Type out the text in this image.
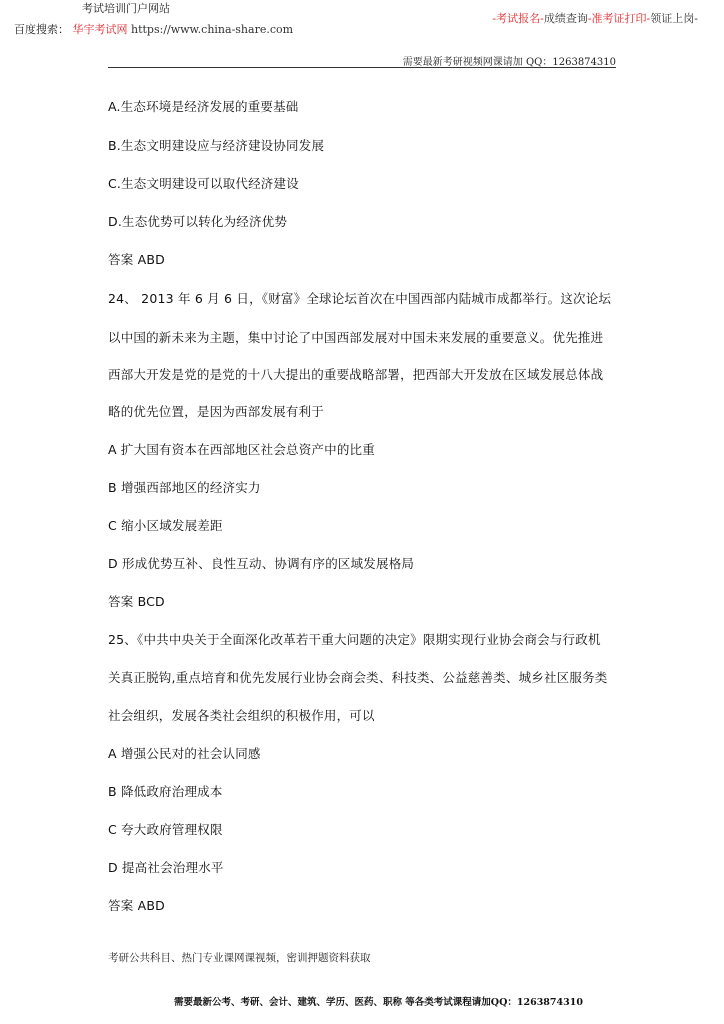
考试培训门户网站
百度搜索： 华宇考试网 https://www.china-share.com
-考试报名-成绩查询-准考证打印-领证上岗-
需要最新考研视频网课请加 QQ：1263874310
A.生态环境是经济发展的重要基础
B.生态文明建设应与经济建设协同发展
C.生态文明建设可以取代经济建设
D.生态优势可以转化为经济优势
答案 ABD
24、 2013 年 6 月 6 日，《财富》全球论坛首次在中国西部内陆城市成都举行。这次论坛
以中国的新未来为主题，集中讨论了中国西部发展对中国未来发展的重要意义。优先推进
西部大开发是党的是党的十八大提出的重要战略部署，把西部大开发放在区域发展总体战
略的优先位置，是因为西部发展有利于
A 扩大国有资本在西部地区社会总资产中的比重
B 增强西部地区的经济实力
C 缩小区域发展差距
D 形成优势互补、良性互动、协调有序的区域发展格局
答案 BCD
25、《中共中央关于全面深化改革若干重大问题的决定》限期实现行业协会商会与行政机
关真正脱钩,重点培育和优先发展行业协会商会类、科技类、公益慈善类、城乡社区服务类
社会组织，发展各类社会组织的积极作用，可以
A 增强公民对的社会认同感
B 降低政府治理成本
C 夸大政府管理权限
D 提高社会治理水平
答案 ABD
考研公共科目、热门专业课网课视频，密训押题资料获取
需要最新公考、考研、会计、建筑、学历、医药、职称 等各类考试课程请加QQ：1263874310
